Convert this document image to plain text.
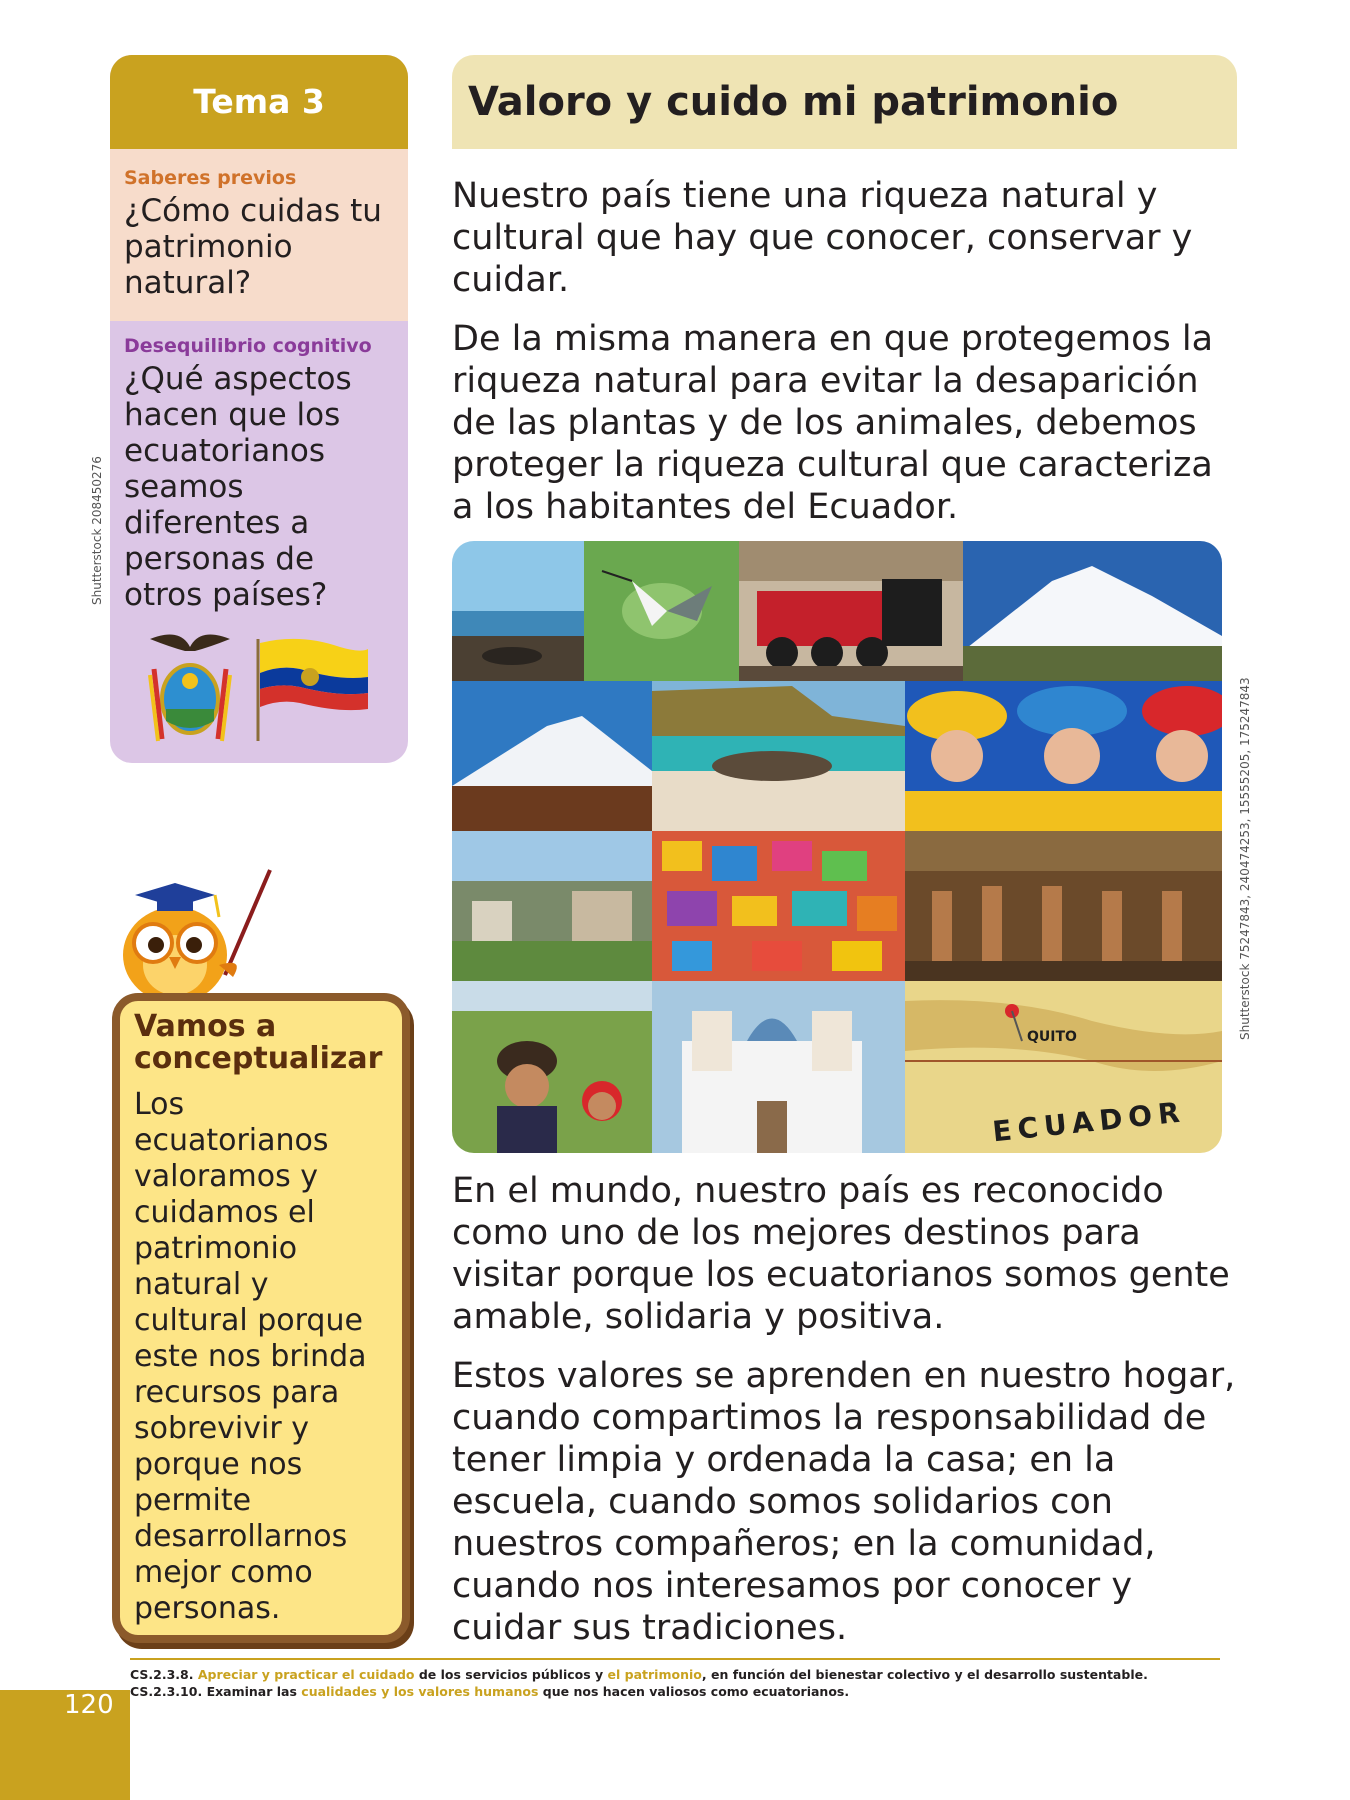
Tema 3
Saberes previos
¿Cómo cuidas tu patrimonio natural?
Desequilibrio cognitivo
¿Qué aspectos hacen que los ecuatorianos seamos diferentes a personas de otros países?
Shutterstock 208450276
Vamos a conceptualizar
Los ecuatorianos valoramos y cuidamos el patrimonio natural y cultural porque este nos brinda recursos para sobrevivir y porque nos permite desarrollarnos mejor como personas.
Valoro y cuido mi patrimonio

Nuestro país tiene una riqueza natural y cultural que hay que conocer, conservar y cuidar.

De la misma manera en que protegemos la riqueza natural para evitar la desaparición de las plantas y de los animales, debemos proteger la riqueza cultural que caracteriza a los habitantes del Ecuador.

QUITO
ECUADOR
Shutterstock 75247843, 240474253, 15555205, 175247843

En el mundo, nuestro país es reconocido como uno de los mejores destinos para visitar porque los ecuatorianos somos gente amable, solidaria y positiva.

Estos valores se aprenden en nuestro hogar, cuando compartimos la responsabilidad de tener limpia y ordenada la casa; en la escuela, cuando somos solidarios con nuestros compañeros; en la comunidad, cuando nos interesamos por conocer y cuidar sus tradiciones.

CS.2.3.8. Apreciar y practicar el cuidado de los servicios públicos y el patrimonio, en función del bienestar colectivo y el desarrollo sustentable. CS.2.3.10. Examinar las cualidades y los valores humanos que nos hacen valiosos como ecuatorianos.
120
